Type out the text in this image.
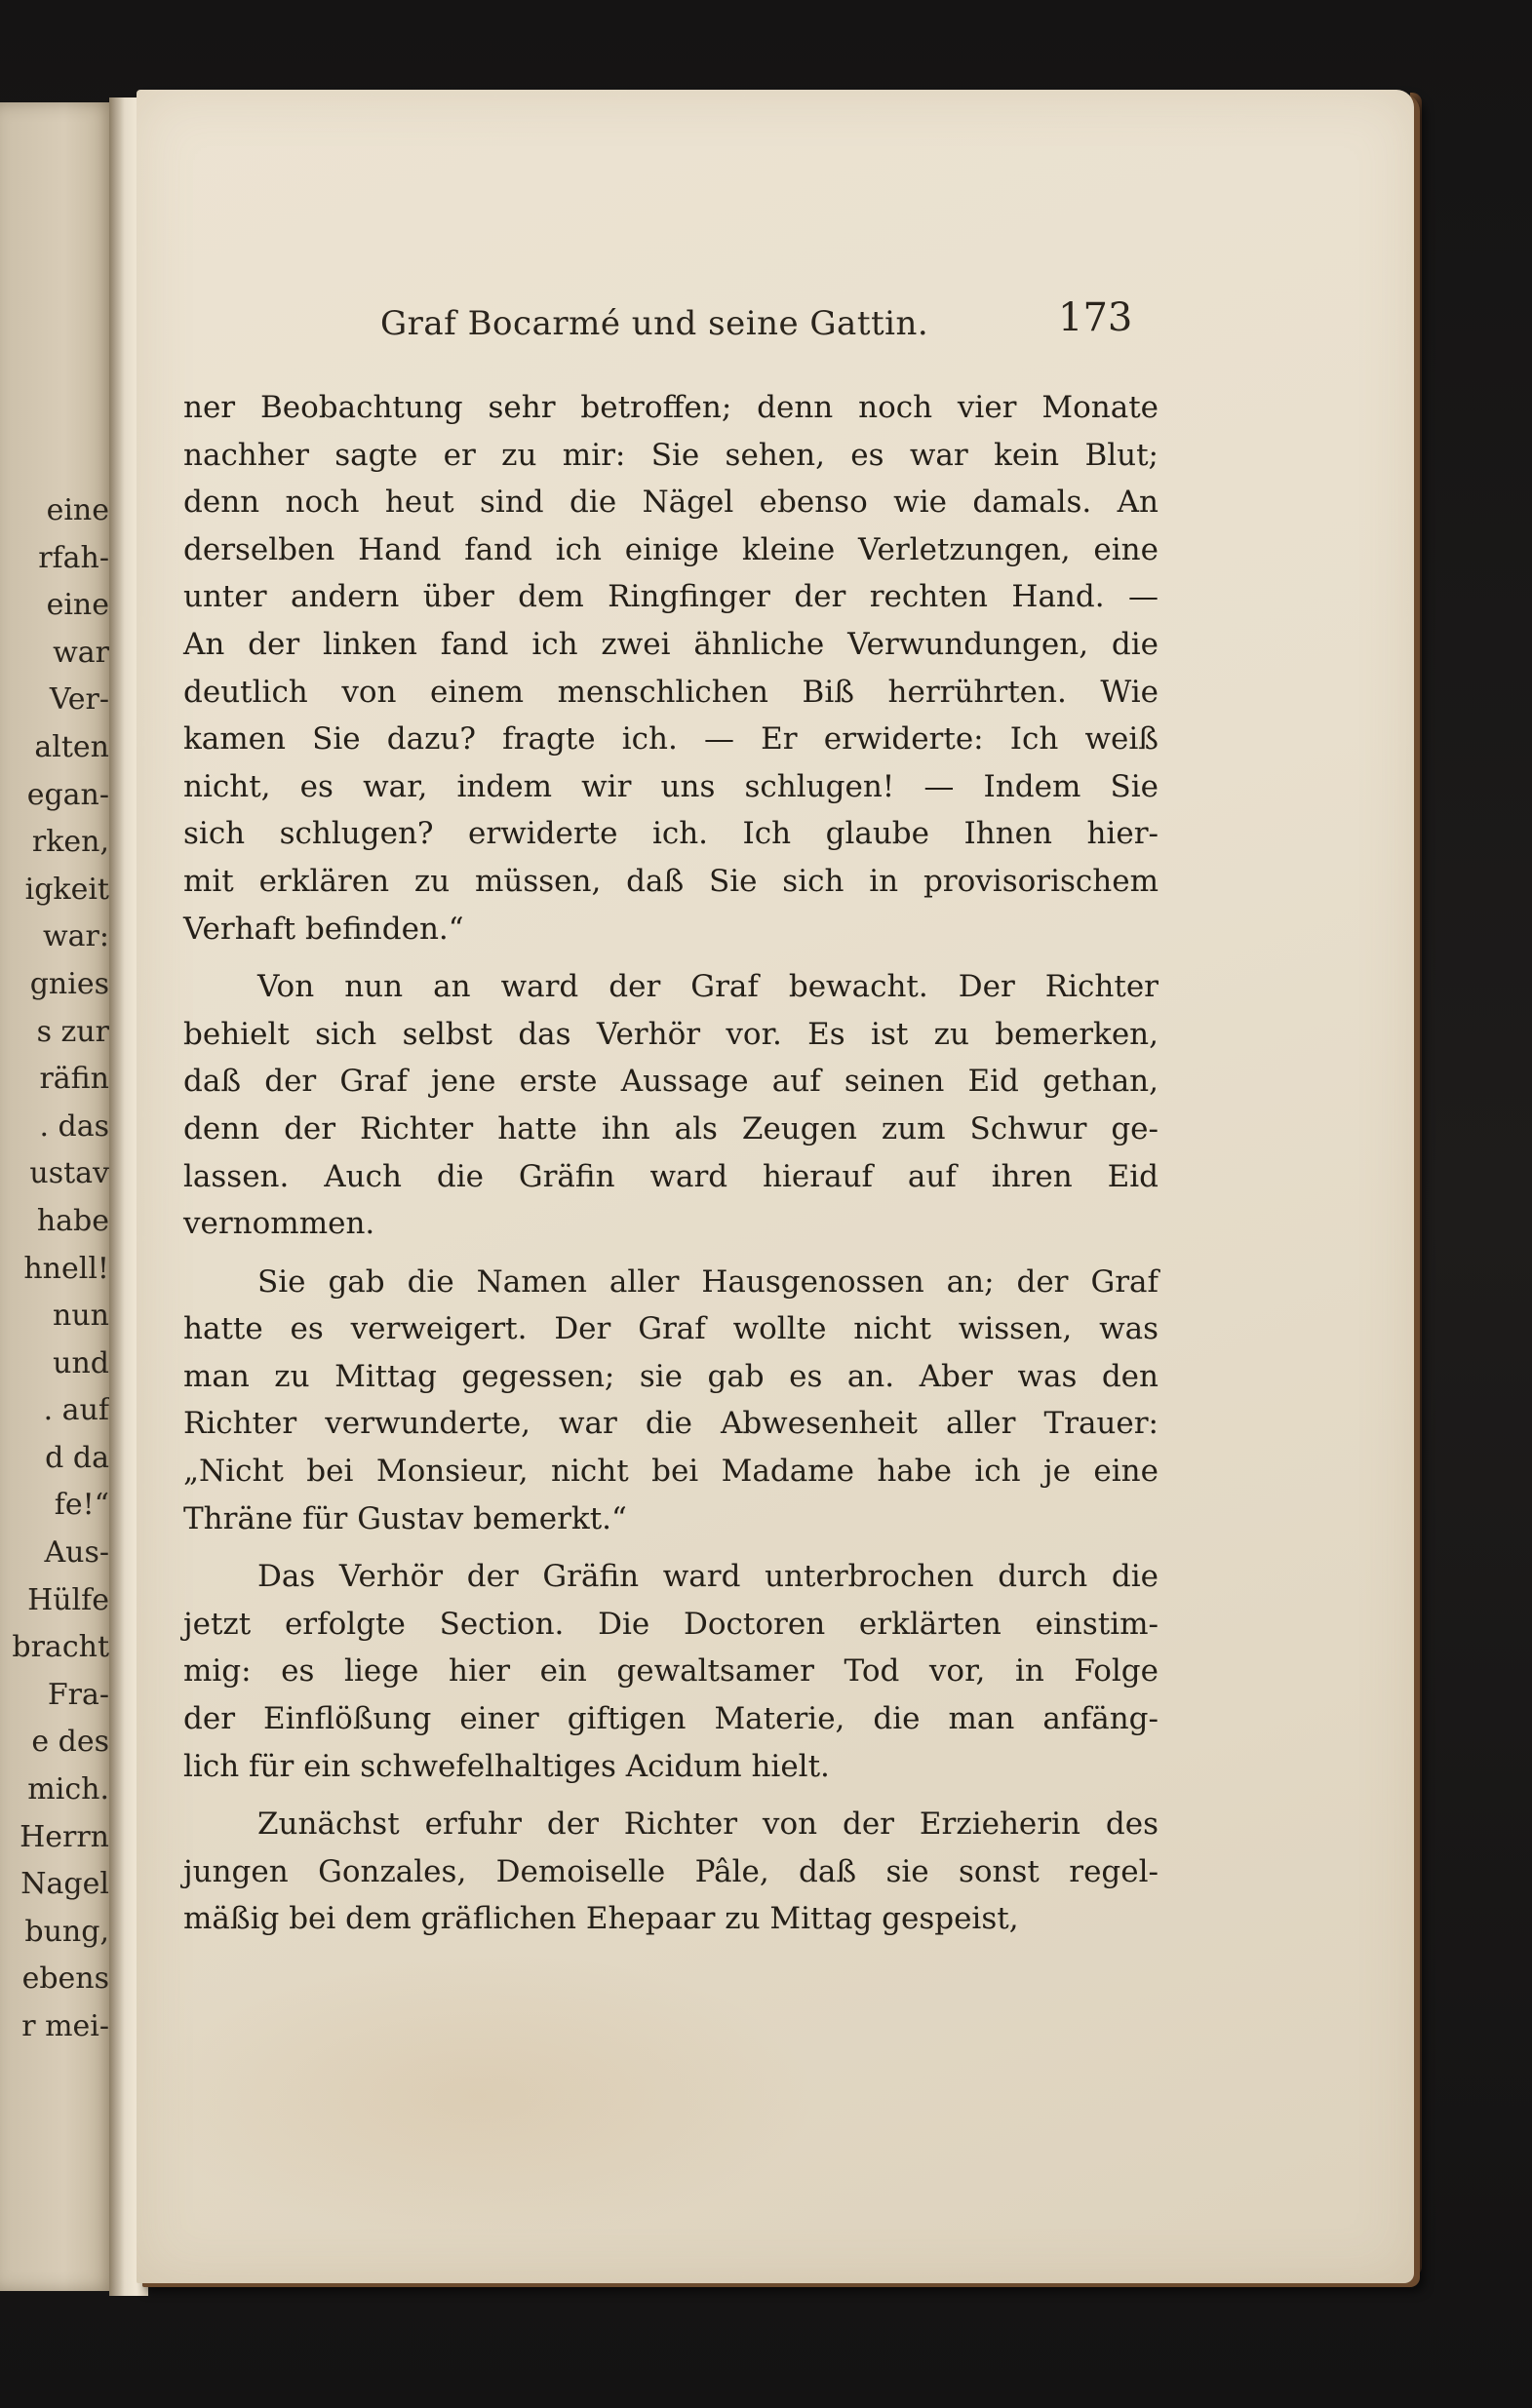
eine
rfah-
eine
war
Ver-
alten
egan-
rken,
igkeit
war:
gnies
s zur
räfin
. das
ustav
habe
hnell!
nun
und
. auf
d da
fe!“
Aus-
Hülfe
bracht
Fra-
e des
mich.
Herrn
Nagel
bung,
ebens
r mei-
Graf Bocarmé und seine Gattin.	173
ner Beobachtung sehr betroffen; denn noch vier Monate
nachher sagte er zu mir: Sie sehen, es war kein Blut;
denn noch heut sind die Nägel ebenso wie damals. An
derselben Hand fand ich einige kleine Verletzungen, eine
unter andern über dem Ringfinger der rechten Hand. —
An der linken fand ich zwei ähnliche Verwundungen, die
deutlich von einem menschlichen Biß herrührten. Wie
kamen Sie dazu? fragte ich. — Er erwiderte: Ich weiß
nicht, es war, indem wir uns schlugen! — Indem Sie
sich schlugen? erwiderte ich. Ich glaube Ihnen hier-
mit erklären zu müssen, daß Sie sich in provisorischem
Verhaft befinden.“
Von nun an ward der Graf bewacht. Der Richter
behielt sich selbst das Verhör vor. Es ist zu bemerken,
daß der Graf jene erste Aussage auf seinen Eid gethan,
denn der Richter hatte ihn als Zeugen zum Schwur ge-
lassen. Auch die Gräfin ward hierauf auf ihren Eid
vernommen.
Sie gab die Namen aller Hausgenossen an; der Graf
hatte es verweigert. Der Graf wollte nicht wissen, was
man zu Mittag gegessen; sie gab es an. Aber was den
Richter verwunderte, war die Abwesenheit aller Trauer:
„Nicht bei Monsieur, nicht bei Madame habe ich je eine
Thräne für Gustav bemerkt.“
Das Verhör der Gräfin ward unterbrochen durch die
jetzt erfolgte Section. Die Doctoren erklärten einstim-
mig: es liege hier ein gewaltsamer Tod vor, in Folge
der Einflößung einer giftigen Materie, die man anfäng-
lich für ein schwefelhaltiges Acidum hielt.
Zunächst erfuhr der Richter von der Erzieherin des
jungen Gonzales, Demoiselle Pâle, daß sie sonst regel-
mäßig bei dem gräflichen Ehepaar zu Mittag gespeist,
